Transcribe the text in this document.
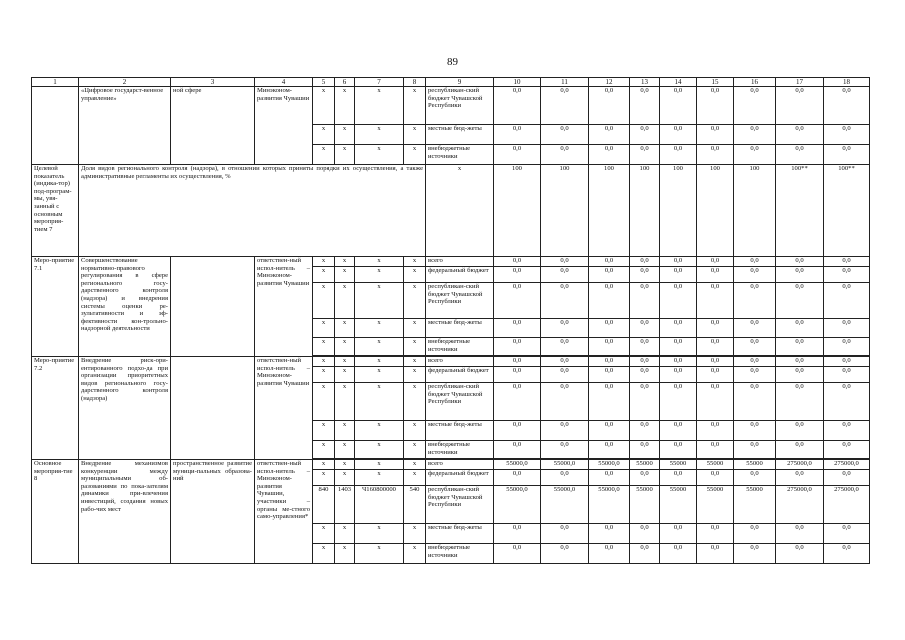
89
1	2	3	4	5	6	7	8	9	10	11	12	13	14	15	16	17	18
	«Цифровое государст-венное управление»	ной сфере	Минэконом-развития Чувашии	х	х	х	х	республикан-ский бюджет Чувашской Республики	0,0	0,0	0,0	0,0	0,0	0,0	0,0	0,0	0,0
				х	х	х	х	местные бюд-жеты	0,0	0,0	0,0	0,0	0,0	0,0	0,0	0,0	0,0
				х	х	х	х	внебюджетные источники	0,0	0,0	0,0	0,0	0,0	0,0	0,0	0,0	0,0
Целевой показатель (индика-тор) под-програм-мы, увя-занный с основным мероприя-тием 7	Доля видов регионального контроля (надзора), в отношении которых приняты порядки их осуществления, а также административные регламенты их осуществления, %							х	100	100	100	100	100	100	100	100**	100**
Меро-приятие 7.1	Совершенствование нормативно-правового регулирования в сфере регионального госу-дарственного контроля (надзора) и внедрения системы оценки ре-зультативности и эф-фективности кон-трольно-надзорной деятельности		ответствен-ный испол-нитель – Минэконом-развития Чувашии	х	х	х	х	всего	0,0	0,0	0,0	0,0	0,0	0,0	0,0	0,0	0,0
				х	х	х	х	федеральный бюджет	0,0	0,0	0,0	0,0	0,0	0,0	0,0	0,0	0,0
				х	х	х	х	республикан-ский бюджет Чувашской Республики	0,0	0,0	0,0	0,0	0,0	0,0	0,0	0,0	0,0
				х	х	х	х	местные бюд-жеты	0,0	0,0	0,0	0,0	0,0	0,0	0,0	0,0	0,0
				х	х	х	х	внебюджетные источники	0,0	0,0	0,0	0,0	0,0	0,0	0,0	0,0	0,0

Меро-приятие 7.2	Внедрение риск-ори-ентированного подхо-да при организации приоритетных видов регионального госу-дарственного контроля (надзора)		ответствен-ный испол-нитель – Минэконом-развития Чувашии	х	х	х	х	всего	0,0	0,0	0,0	0,0	0,0	0,0	0,0	0,0	0,0
				х	х	х	х	федеральный бюджет	0,0	0,0	0,0	0,0	0,0	0,0	0,0	0,0	0,0
				х	х	х	х	республикан-ский бюджет Чувашской Республики	0,0	0,0	0,0	0,0	0,0	0,0	0,0	0,0	0,0
				х	х	х	х	местные бюд-жеты	0,0	0,0	0,0	0,0	0,0	0,0	0,0	0,0	0,0
				х	х	х	х	внебюджетные источники	0,0	0,0	0,0	0,0	0,0	0,0	0,0	0,0	0,0

Основное мероприя-тие 8	Внедрение механизмов конкуренции между муниципальными об-разованиями по пока-зателям динамики при-влечения инвестиций, создания новых рабо-чих мест	пространственное развитие муници-пальных образова-ний	ответствен-ный испол-нитель – Минэконом-развития Чувашии, участники – органы ме-стного само-управления*	х	х	х	х	всего	55000,0	55000,0	55000,0	55000	55000	55000	55000	275000,0	275000,0
				х	х	х	х	федеральный бюджет	0,0	0,0	0,0	0,0	0,0	0,0	0,0	0,0	0,0
				840	1403	Ч160800000	540	республикан-ский бюджет Чувашской Республики	55000,0	55000,0	55000,0	55000	55000	55000	55000	275000,0	275000,0
				х	х	х	х	местные бюд-жеты	0,0	0,0	0,0	0,0	0,0	0,0	0,0	0,0	0,0
				х	х	х	х	внебюджетные источники	0,0	0,0	0,0	0,0	0,0	0,0	0,0	0,0	0,0
